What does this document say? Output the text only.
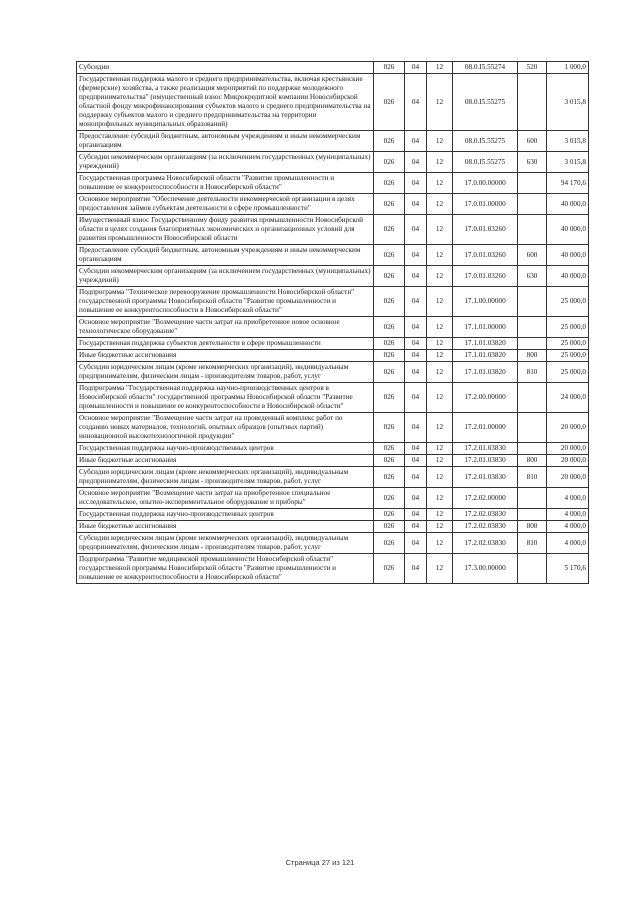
Субсидии	026	04	12	08.0.I5.55274	520	1 000,0
Государственная поддержка малого и среднего предпринимательства, включая крестьянские (фермерские) хозяйства, а также реализация мероприятий по поддержке молодежного предпринимательства" (имущественный взнос Микрокредитной компании Новосибирской областной фонду микрофинансирования субъектов малого и среднего предпринимательства на поддержку субъектов малого и среднего предпринимательства на территории монопрофильных муниципальных образований)	026	04	12	08.0.I5.55275		3 015,8
Предоставление субсидий бюджетным, автономным учреждениям и иным некоммерческим организациям	026	04	12	08.0.I5.55275	600	3 015,8
Субсидии некоммерческим организациям (за исключением государственных (муниципальных) учреждений)	026	04	12	08.0.I5.55275	630	3 015,8
Государственная программа Новосибирской области "Развитие промышленности и повышение ее конкурентоспособности в Новосибирской области"	026	04	12	17.0.00.00000		94 170,6
Основное мероприятие "Обеспечение деятельности некоммерческой организации в целях предоставления займов субъектам деятельности в сфере промышленности"	026	04	12	17.0.01.00000		40 000,0
Имущественный взнос Государственному фонду развития промышленности Новосибирской области в целях создания благоприятных экономических и организационных условий для развития промышленности Новосибирской области	026	04	12	17.0.01.03260		40 000,0
Предоставление субсидий бюджетным, автономным учреждениям и иным некоммерческим организациям	026	04	12	17.0.01.03260	600	40 000,0
Субсидии некоммерческим организациям (за исключением государственных (муниципальных) учреждений)	026	04	12	17.0.01.03260	630	40 000,0
Подпрограмма "Техническое перевооружение промышленности Новосибирской области" государственной программы Новосибирской области "Развитие промышленности и повышение ее конкурентоспособности в Новосибирской области"	026	04	12	17.1.00.00000		25 000,0
Основное мероприятие "Возмещение части затрат на приобретенное новое основное технологическое оборудование"	026	04	12	17.1.01.00000		25 000,0
Государственная поддержка субъектов деятельности в сфере промышленности	026	04	12	17.1.01.03820		25 000,0
Иные бюджетные ассигнования	026	04	12	17.1.01.03820	800	25 000,0
Субсидии юридическим лицам (кроме некоммерческих организаций), индивидуальным предпринимателям, физическим лицам - производителям товаров, работ, услуг	026	04	12	17.1.01.03820	810	25 000,0
Подпрограмма "Государственная поддержка научно-производственных центров в Новосибирской области" государственной программы Новосибирской области "Развитие промышленности и повышение ее конкурентоспособности в Новосибирской области"	026	04	12	17.2.00.00000		24 000,0
Основное мероприятие "Возмещение части затрат на проведенный комплекс работ по созданию новых материалов, технологий, опытных образцов (опытных партий) инновационной высокотехнологичной продукции"	026	04	12	17.2.01.00000		20 000,0
Государственная поддержка научно-производственных центров	026	04	12	17.2.01.03830		20 000,0
Иные бюджетные ассигнования	026	04	12	17.2.01.03830	800	20 000,0
Субсидии юридическим лицам (кроме некоммерческих организаций), индивидуальным предпринимателям, физическим лицам - производителям товаров, работ, услуг	026	04	12	17.2.01.03830	810	20 000,0
Основное мероприятие "Возмещение части затрат на приобретенное специальное исследовательское, опытно-экспериментальное оборудование и приборы"	026	04	12	17.2.02.00000		4 000,0
Государственная поддержка научно-производственных центров	026	04	12	17.2.02.03830		4 000,0
Иные бюджетные ассигнования	026	04	12	17.2.02.03830	800	4 000,0
Субсидии юридическим лицам (кроме некоммерческих организаций), индивидуальным предпринимателям, физическим лицам - производителям товаров, работ, услуг	026	04	12	17.2.02.03830	810	4 000,0
Подпрограмма "Развитие медицинской промышленности Новосибирской области" государственной программы Новосибирской области "Развитие промышленности и повышение ее конкурентоспособности в Новосибирской области"	026	04	12	17.3.00.00000		5 170,6
Страница 27 из 121
